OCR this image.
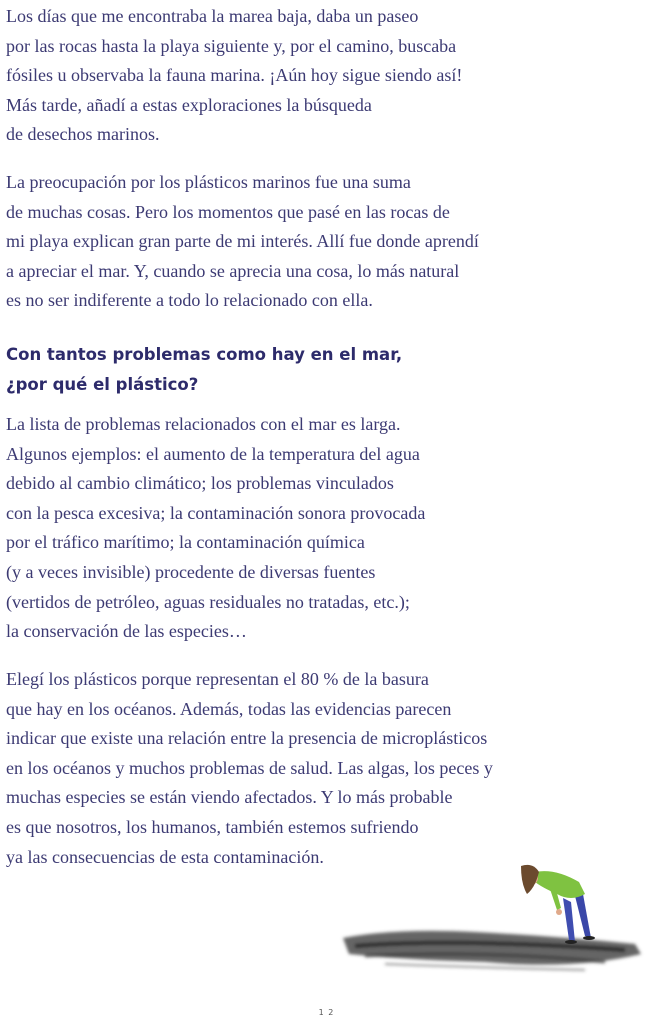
Los días que me encontraba la marea baja, daba un paseo
por las rocas hasta la playa siguiente y, por el camino, buscaba
fósiles u observaba la fauna marina. ¡Aún hoy sigue siendo así!
Más tarde, añadí a estas exploraciones la búsqueda
de desechos marinos.
La preocupación por los plásticos marinos fue una suma
de muchas cosas. Pero los momentos que pasé en las rocas de
mi playa explican gran parte de mi interés. Allí fue donde aprendí
a apreciar el mar. Y, cuando se aprecia una cosa, lo más natural
es no ser indiferente a todo lo relacionado con ella.
Con tantos problemas como hay en el mar,
¿por qué el plástico?
La lista de problemas relacionados con el mar es larga.
Algunos ejemplos: el aumento de la temperatura del agua
debido al cambio climático; los problemas vinculados
con la pesca excesiva; la contaminación sonora provocada
por el tráfico marítimo; la contaminación química
(y a veces invisible) procedente de diversas fuentes
(vertidos de petróleo, aguas residuales no tratadas, etc.);
la conservación de las especies…
Elegí los plásticos porque representan el 80 % de la basura
que hay en los océanos. Además, todas las evidencias parecen
indicar que existe una relación entre la presencia de microplásticos
en los océanos y muchos problemas de salud. Las algas, los peces y
muchas especies se están viendo afectados. Y lo más probable
es que nosotros, los humanos, también estemos sufriendo
ya las consecuencias de esta contaminación.
1 2
